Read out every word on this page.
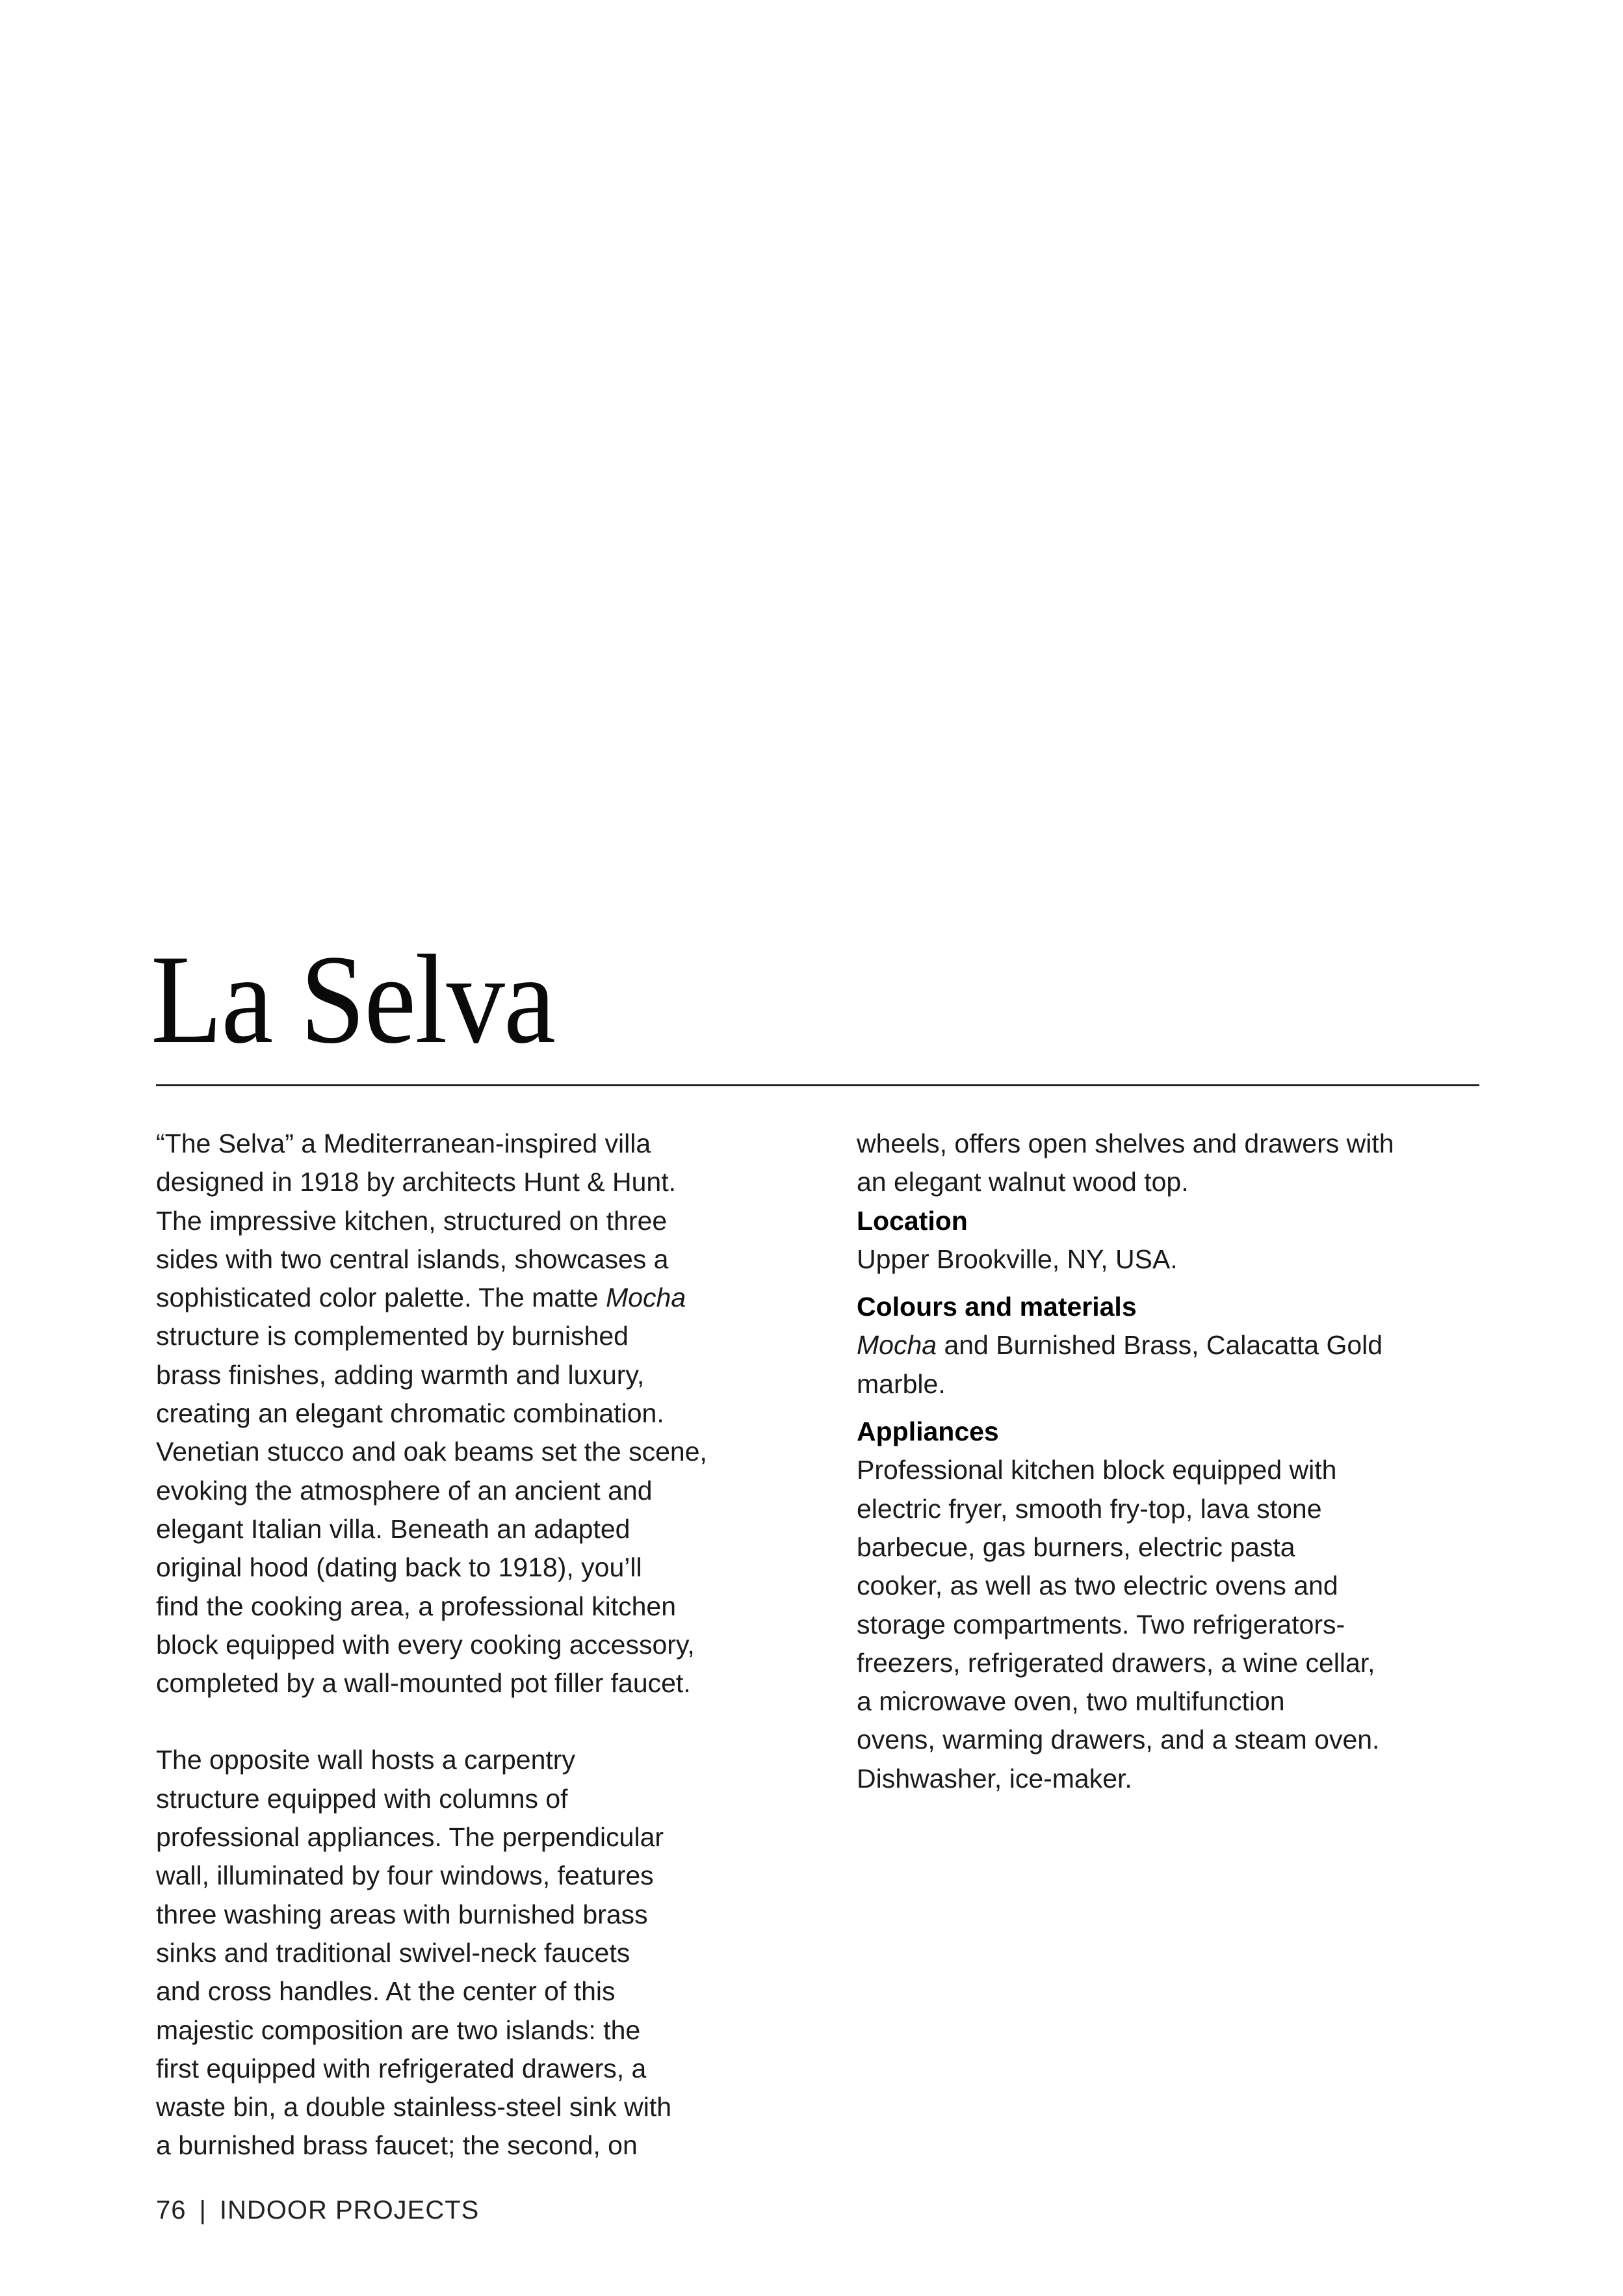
La Selva
“The Selva” a Mediterranean-inspired villa
designed in 1918 by architects Hunt & Hunt.
The impressive kitchen, structured on three
sides with two central islands, showcases a
sophisticated color palette. The matte Mocha
structure is complemented by burnished
brass finishes, adding warmth and luxury,
creating an elegant chromatic combination.
Venetian stucco and oak beams set the scene,
evoking the atmosphere of an ancient and
elegant Italian villa. Beneath an adapted
original hood (dating back to 1918), you’ll
find the cooking area, a professional kitchen
block equipped with every cooking accessory,
completed by a wall-mounted pot filler faucet.
The opposite wall hosts a carpentry
structure equipped with columns of
professional appliances. The perpendicular
wall, illuminated by four windows, features
three washing areas with burnished brass
sinks and traditional swivel-neck faucets
and cross handles. At the center of this
majestic composition are two islands: the
first equipped with refrigerated drawers, a
waste bin, a double stainless-steel sink with
a burnished brass faucet; the second, on
wheels, offers open shelves and drawers with
an elegant walnut wood top.
Location
Upper Brookville, NY, USA.
Colours and materials
Mocha and Burnished Brass, Calacatta Gold
marble.
Appliances
Professional kitchen block equipped with
electric fryer, smooth fry-top, lava stone
barbecue, gas burners, electric pasta
cooker, as well as two electric ovens and
storage compartments. Two refrigerators-
freezers, refrigerated drawers, a wine cellar,
a microwave oven, two multifunction
ovens, warming drawers, and a steam oven.
Dishwasher, ice-maker.
76 | INDOOR PROJECTS
